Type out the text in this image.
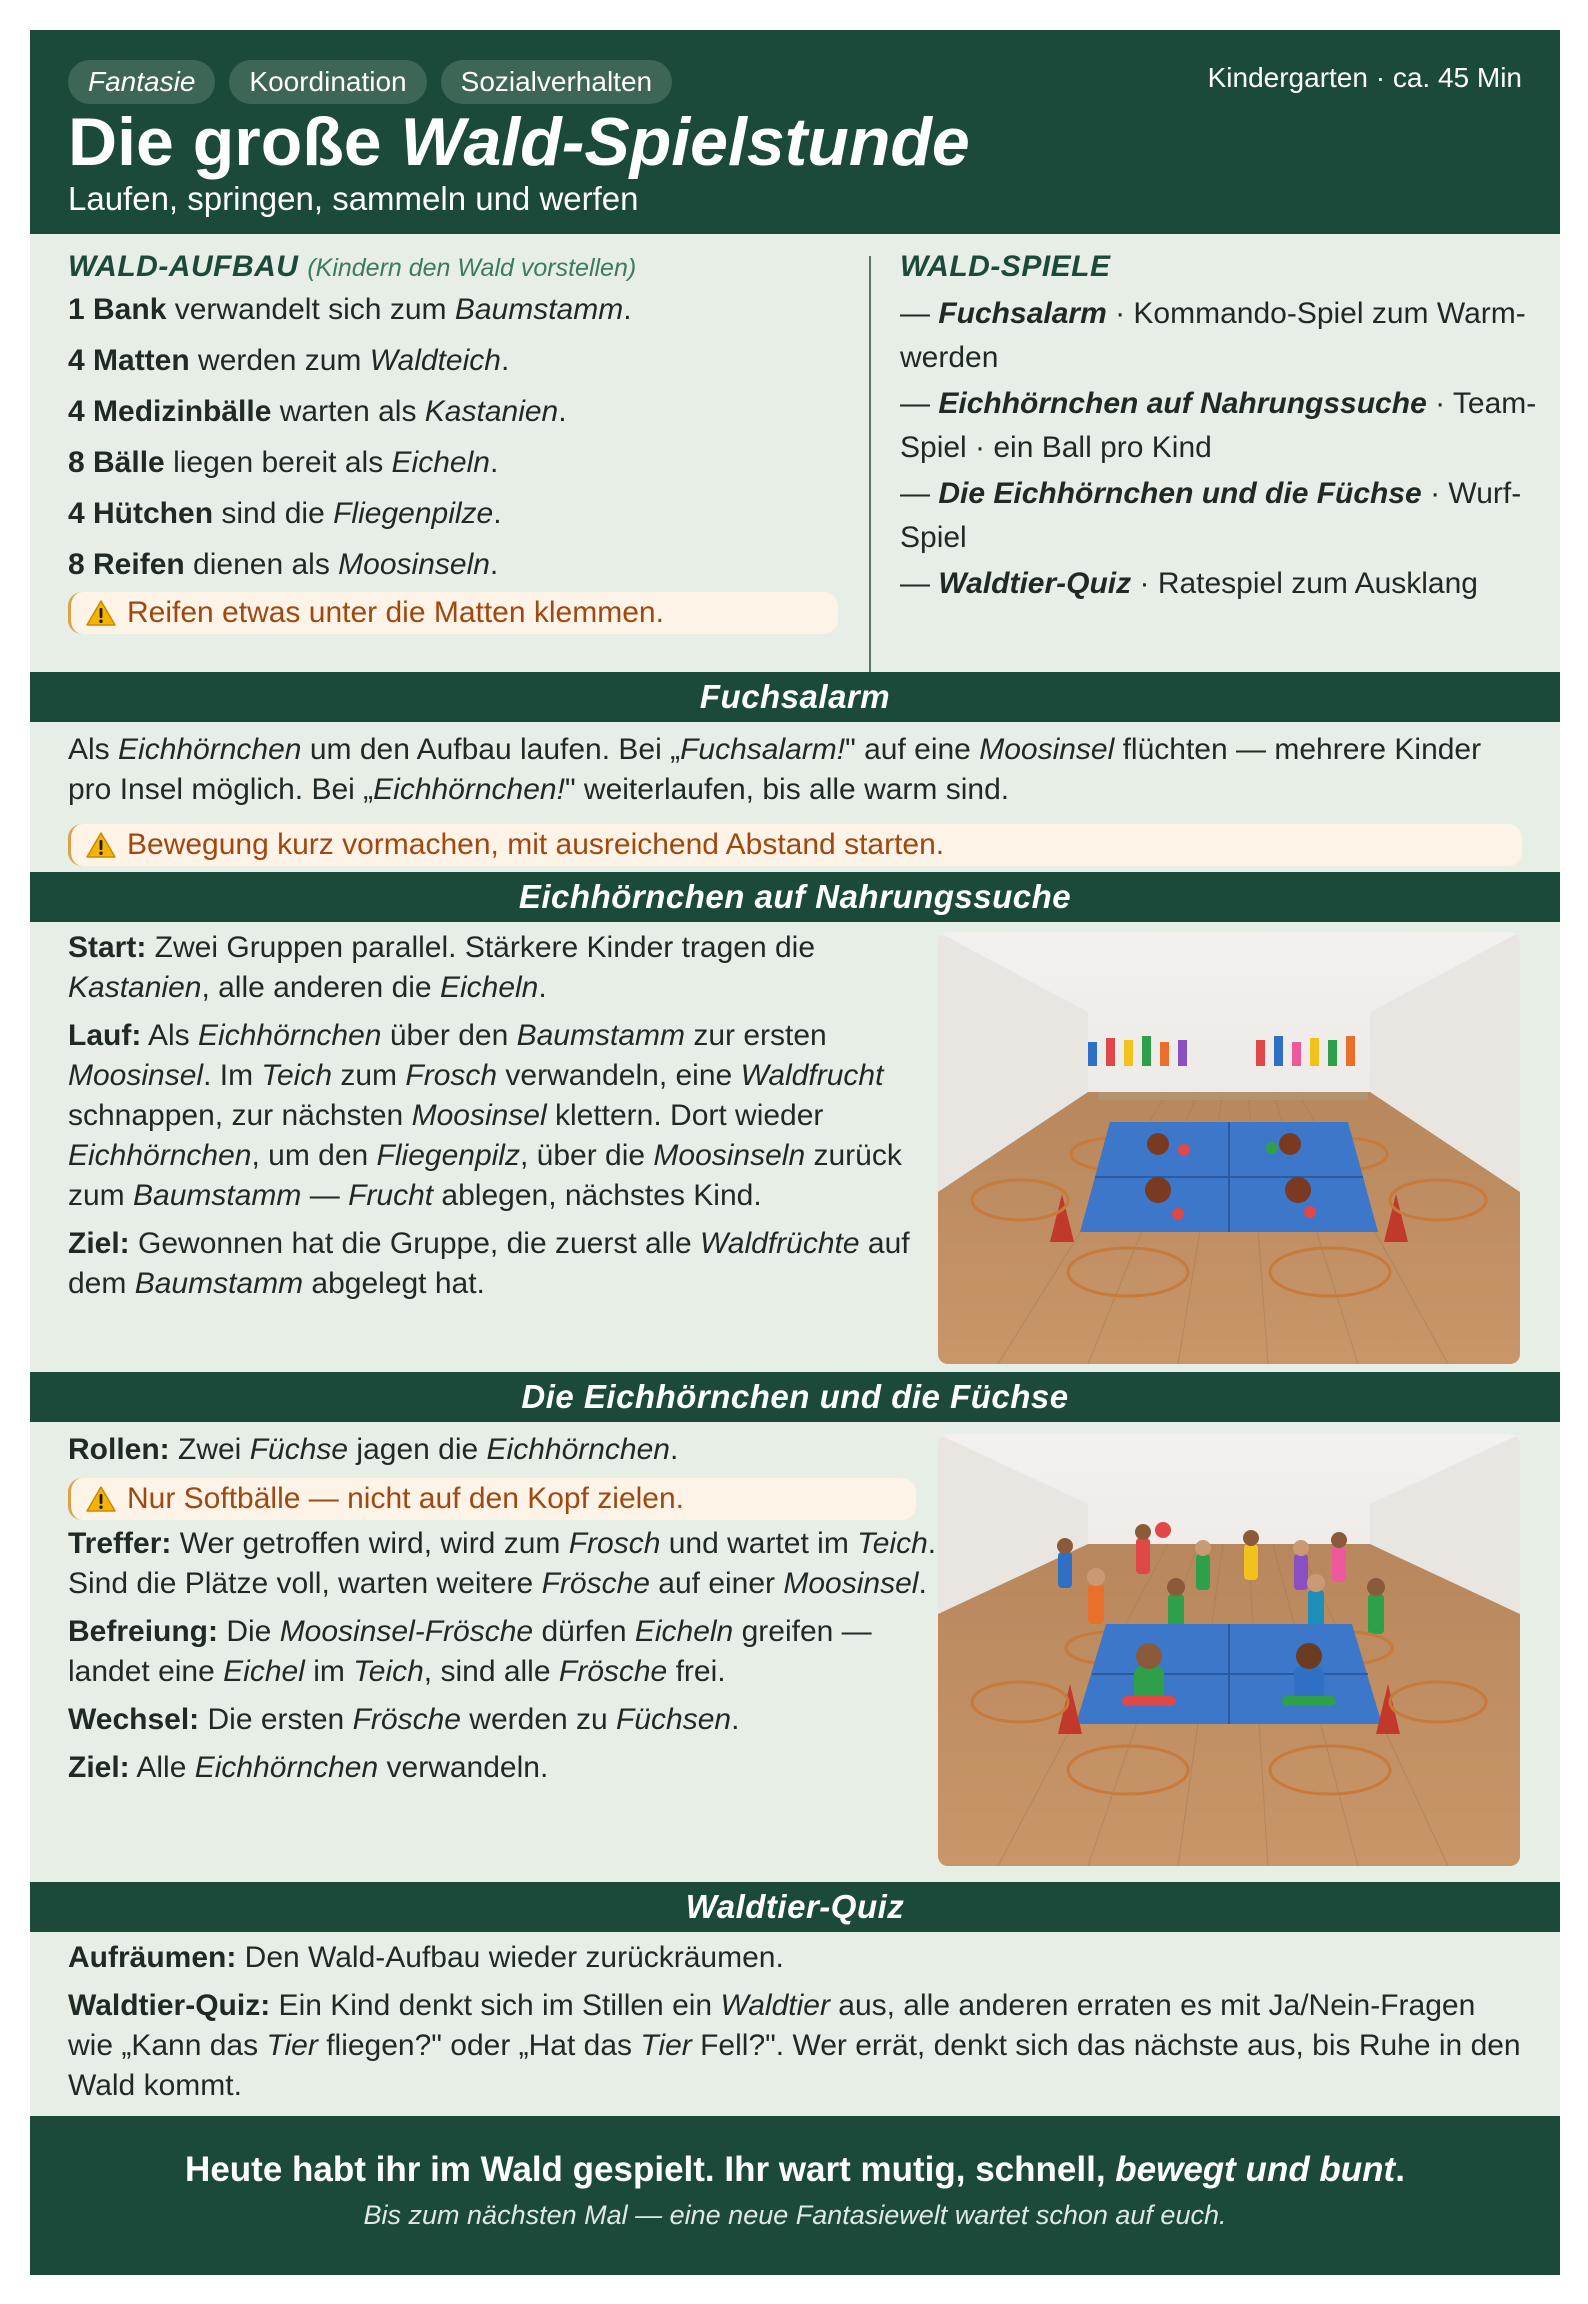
Fantasie	Koordination	Sozialverhalten	Kindergarten · ca. 45 Min
Die große Wald-Spielstunde
Laufen, springen, sammeln und werfen
WALD-AUFBAU (Kindern den Wald vorstellen)
1 Bank verwandelt sich zum Baumstamm.
4 Matten werden zum Waldteich.
4 Medizinbälle warten als Kastanien.
8 Bälle liegen bereit als Eicheln.
4 Hütchen sind die Fliegenpilze.
8 Reifen dienen als Moosinseln.
Reifen etwas unter die Matten klemmen.
WALD-SPIELE
— Fuchsalarm · Kommando-Spiel zum Warm-werden
— Eichhörnchen auf Nahrungssuche · Team-Spiel · ein Ball pro Kind
— Die Eichhörnchen und die Füchse · Wurf-Spiel
— Waldtier-Quiz · Ratespiel zum Ausklang
Fuchsalarm
Als Eichhörnchen um den Aufbau laufen. Bei „Fuchsalarm!" auf eine Moosinsel flüchten — mehrere Kinder pro Insel möglich. Bei „Eichhörnchen!" weiterlaufen, bis alle warm sind.
Bewegung kurz vormachen, mit ausreichend Abstand starten.
Eichhörnchen auf Nahrungssuche
Start: Zwei Gruppen parallel. Stärkere Kinder tragen die Kastanien, alle anderen die Eicheln.
Lauf: Als Eichhörnchen über den Baumstamm zur ersten Moosinsel. Im Teich zum Frosch verwandeln, eine Waldfrucht schnappen, zur nächsten Moosinsel klettern. Dort wieder Eichhörnchen, um den Fliegenpilz, über die Moosinseln zurück zum Baumstamm — Frucht ablegen, nächstes Kind.
Ziel: Gewonnen hat die Gruppe, die zuerst alle Waldfrüchte auf dem Baumstamm abgelegt hat.
Die Eichhörnchen und die Füchse
Rollen: Zwei Füchse jagen die Eichhörnchen.
Nur Softbälle — nicht auf den Kopf zielen.
Treffer: Wer getroffen wird, wird zum Frosch und wartet im Teich. Sind die Plätze voll, warten weitere Frösche auf einer Moosinsel.
Befreiung: Die Moosinsel-Frösche dürfen Eicheln greifen — landet eine Eichel im Teich, sind alle Frösche frei.
Wechsel: Die ersten Frösche werden zu Füchsen.
Ziel: Alle Eichhörnchen verwandeln.
Waldtier-Quiz
Aufräumen: Den Wald-Aufbau wieder zurückräumen.
Waldtier-Quiz: Ein Kind denkt sich im Stillen ein Waldtier aus, alle anderen erraten es mit Ja/Nein-Fragen wie „Kann das Tier fliegen?" oder „Hat das Tier Fell?". Wer errät, denkt sich das nächste aus, bis Ruhe in den Wald kommt.
Heute habt ihr im Wald gespielt. Ihr wart mutig, schnell, bewegt und bunt.
Bis zum nächsten Mal — eine neue Fantasiewelt wartet schon auf euch.
